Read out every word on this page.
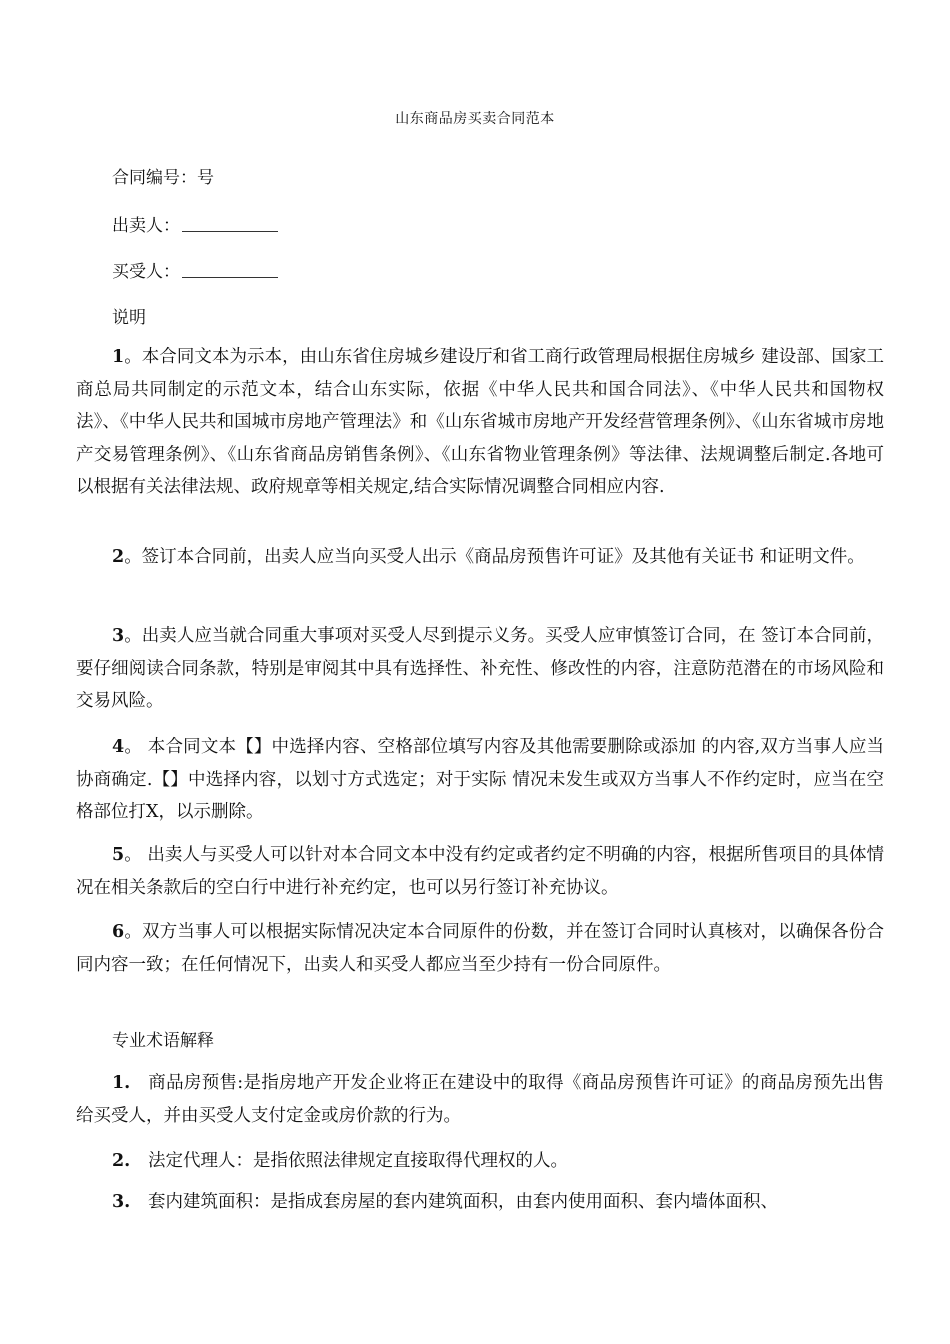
山东商品房买卖合同范本
合同编号：号
出卖人：
买受人：
说明
1。本合同文本为示本，由山东省住房城乡建设厅和省工商行政管理局根据住房城乡 建设部、国家工商总局共同制定的示范文本，结合山东实际，依据《中华人民共和国合同法》、《中华人民共和国物权法》、《中华人民共和国城市房地产管理法》和《山东省城市房地产开发经营管理条例》、《山东省城市房地产交易管理条例》、《山东省商品房销售条例》、《山东省物业管理条例》等法律、法规调整后制定.各地可以根据有关法律法规、政府规章等相关规定,结合实际情况调整合同相应内容.
2。签订本合同前，出卖人应当向买受人出示《商品房预售许可证》及其他有关证书 和证明文件。
3。出卖人应当就合同重大事项对买受人尽到提示义务。买受人应审慎签订合同，在 签订本合同前，要仔细阅读合同条款，特别是审阅其中具有选择性、补充性、修改性的内容，注意防范潜在的市场风险和交易风险。
4。 本合同文本【】中选择内容、空格部位填写内容及其他需要删除或添加 的内容,双方当事人应当协商确定.【】中选择内容，以划寸方式选定；对于实际 情况未发生或双方当事人不作约定时，应当在空格部位打X，以示删除。
5。 出卖人与买受人可以针对本合同文本中没有约定或者约定不明确的内容，根据所售项目的具体情况在相关条款后的空白行中进行补充约定，也可以另行签订补充协议。
6。双方当事人可以根据实际情况决定本合同原件的份数，并在签订合同时认真核对，以确保各份合同内容一致；在任何情况下，出卖人和买受人都应当至少持有一份合同原件。
专业术语解释
1. 商品房预售:是指房地产开发企业将正在建设中的取得《商品房预售许可证》的商品房预先出售给买受人，并由买受人支付定金或房价款的行为。
2. 法定代理人：是指依照法律规定直接取得代理权的人。
3. 套内建筑面积：是指成套房屋的套内建筑面积，由套内使用面积、套内墙体面积、
